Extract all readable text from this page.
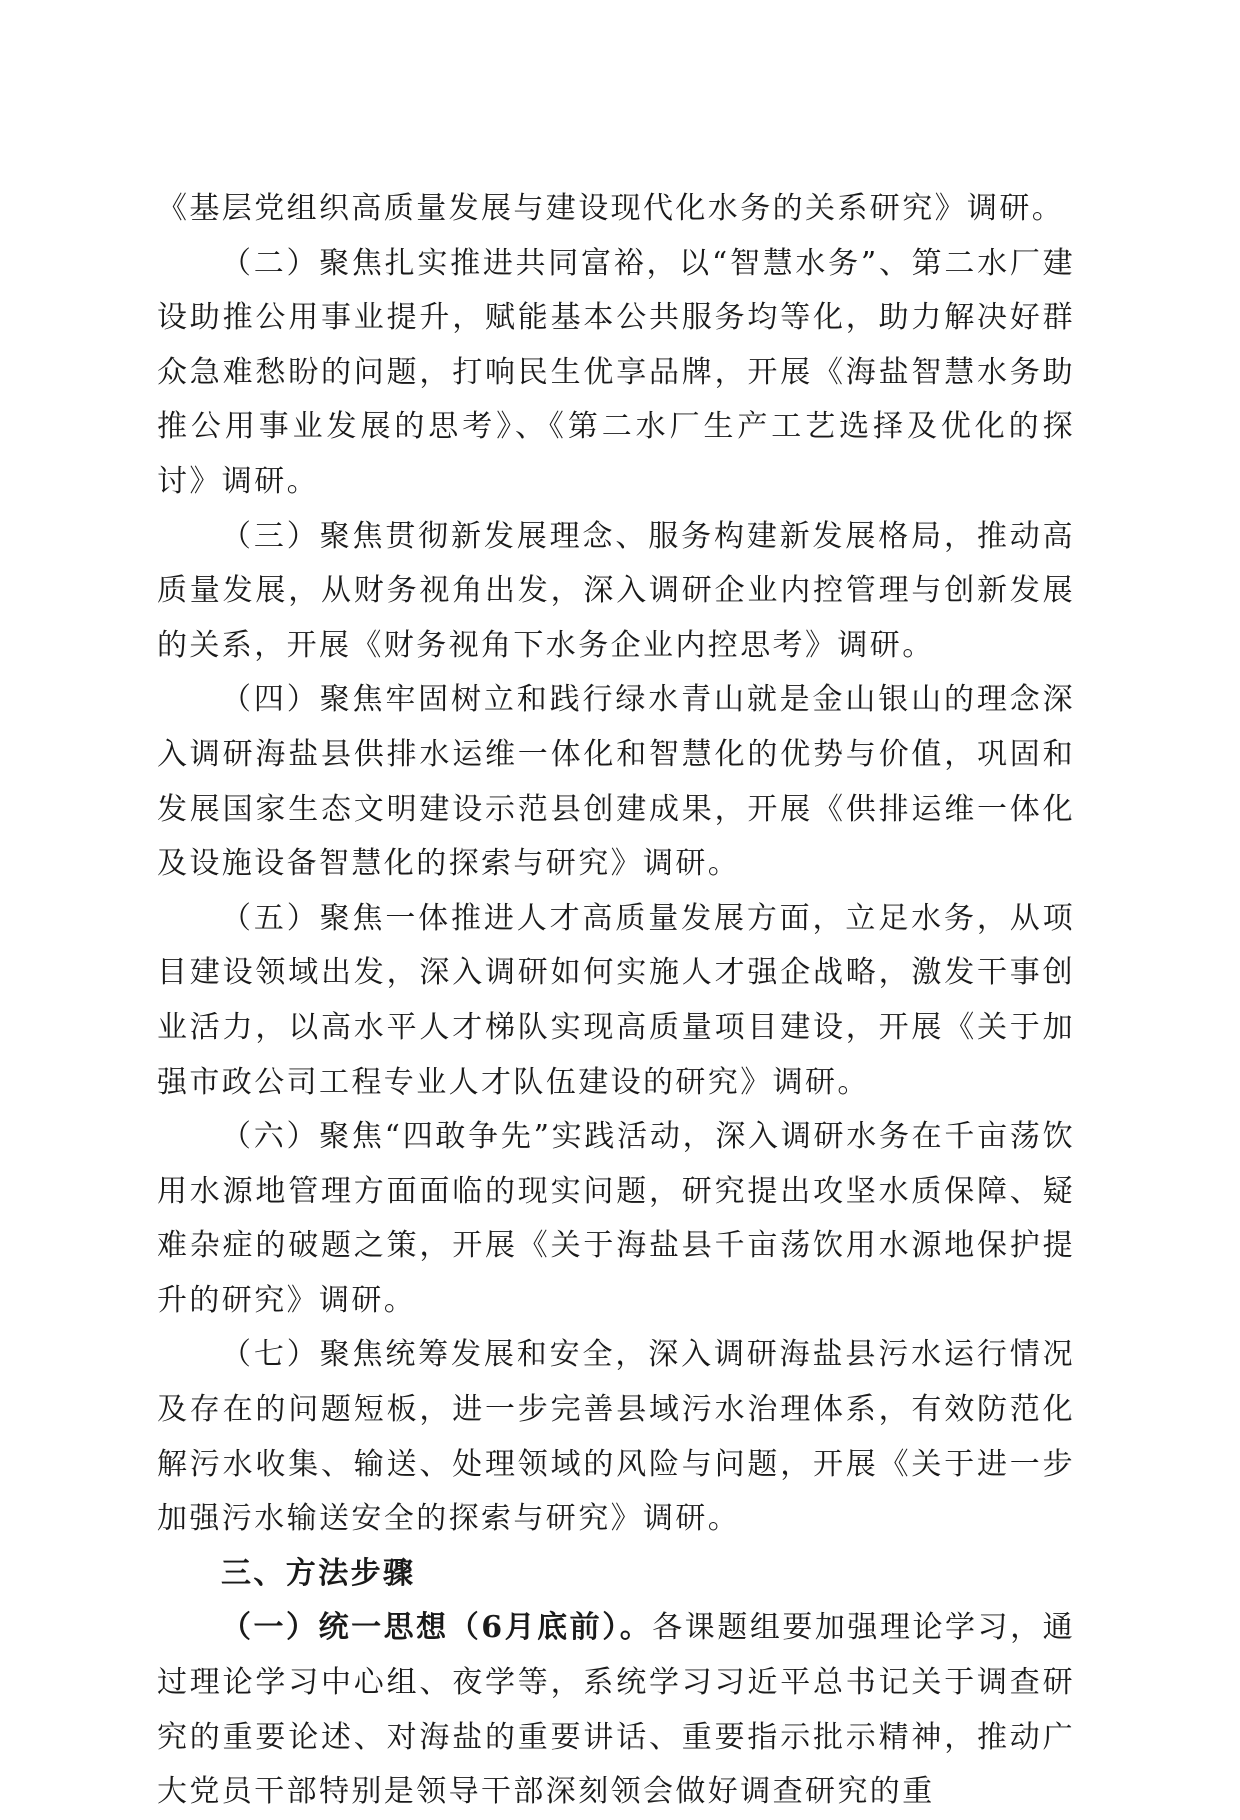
《基层党组织高质量发展与建设现代化水务的关系研究》调研。

（二）聚焦扎实推进共同富裕，以“智慧水务”、第二水厂建设助推公用事业提升，赋能基本公共服务均等化，助力解决好群众急难愁盼的问题，打响民生优享品牌，开展《海盐智慧水务助推公用事业发展的思考》、《第二水厂生产工艺选择及优化的探讨》调研。

（三）聚焦贯彻新发展理念、服务构建新发展格局，推动高质量发展，从财务视角出发，深入调研企业内控管理与创新发展的关系，开展《财务视角下水务企业内控思考》调研。

（四）聚焦牢固树立和践行绿水青山就是金山银山的理念深入调研海盐县供排水运维一体化和智慧化的优势与价值，巩固和发展国家生态文明建设示范县创建成果，开展《供排运维一体化及设施设备智慧化的探索与研究》调研。

（五）聚焦一体推进人才高质量发展方面，立足水务，从项目建设领域出发，深入调研如何实施人才强企战略，激发干事创业活力，以高水平人才梯队实现高质量项目建设，开展《关于加强市政公司工程专业人才队伍建设的研究》调研。

（六）聚焦“四敢争先”实践活动，深入调研水务在千亩荡饮用水源地管理方面面临的现实问题，研究提出攻坚水质保障、疑难杂症的破题之策，开展《关于海盐县千亩荡饮用水源地保护提升的研究》调研。

（七）聚焦统筹发展和安全，深入调研海盐县污水运行情况及存在的问题短板，进一步完善县域污水治理体系，有效防范化解污水收集、输送、处理领域的风险与问题，开展《关于进一步加强污水输送安全的探索与研究》调研。

三、方法步骤

（一）统一思想（6月底前）。各课题组要加强理论学习，通过理论学习中心组、夜学等，系统学习习近平总书记关于调查研究的重要论述、对海盐的重要讲话、重要指示批示精神，推动广大党员干部特别是领导干部深刻领会做好调查研究的重
